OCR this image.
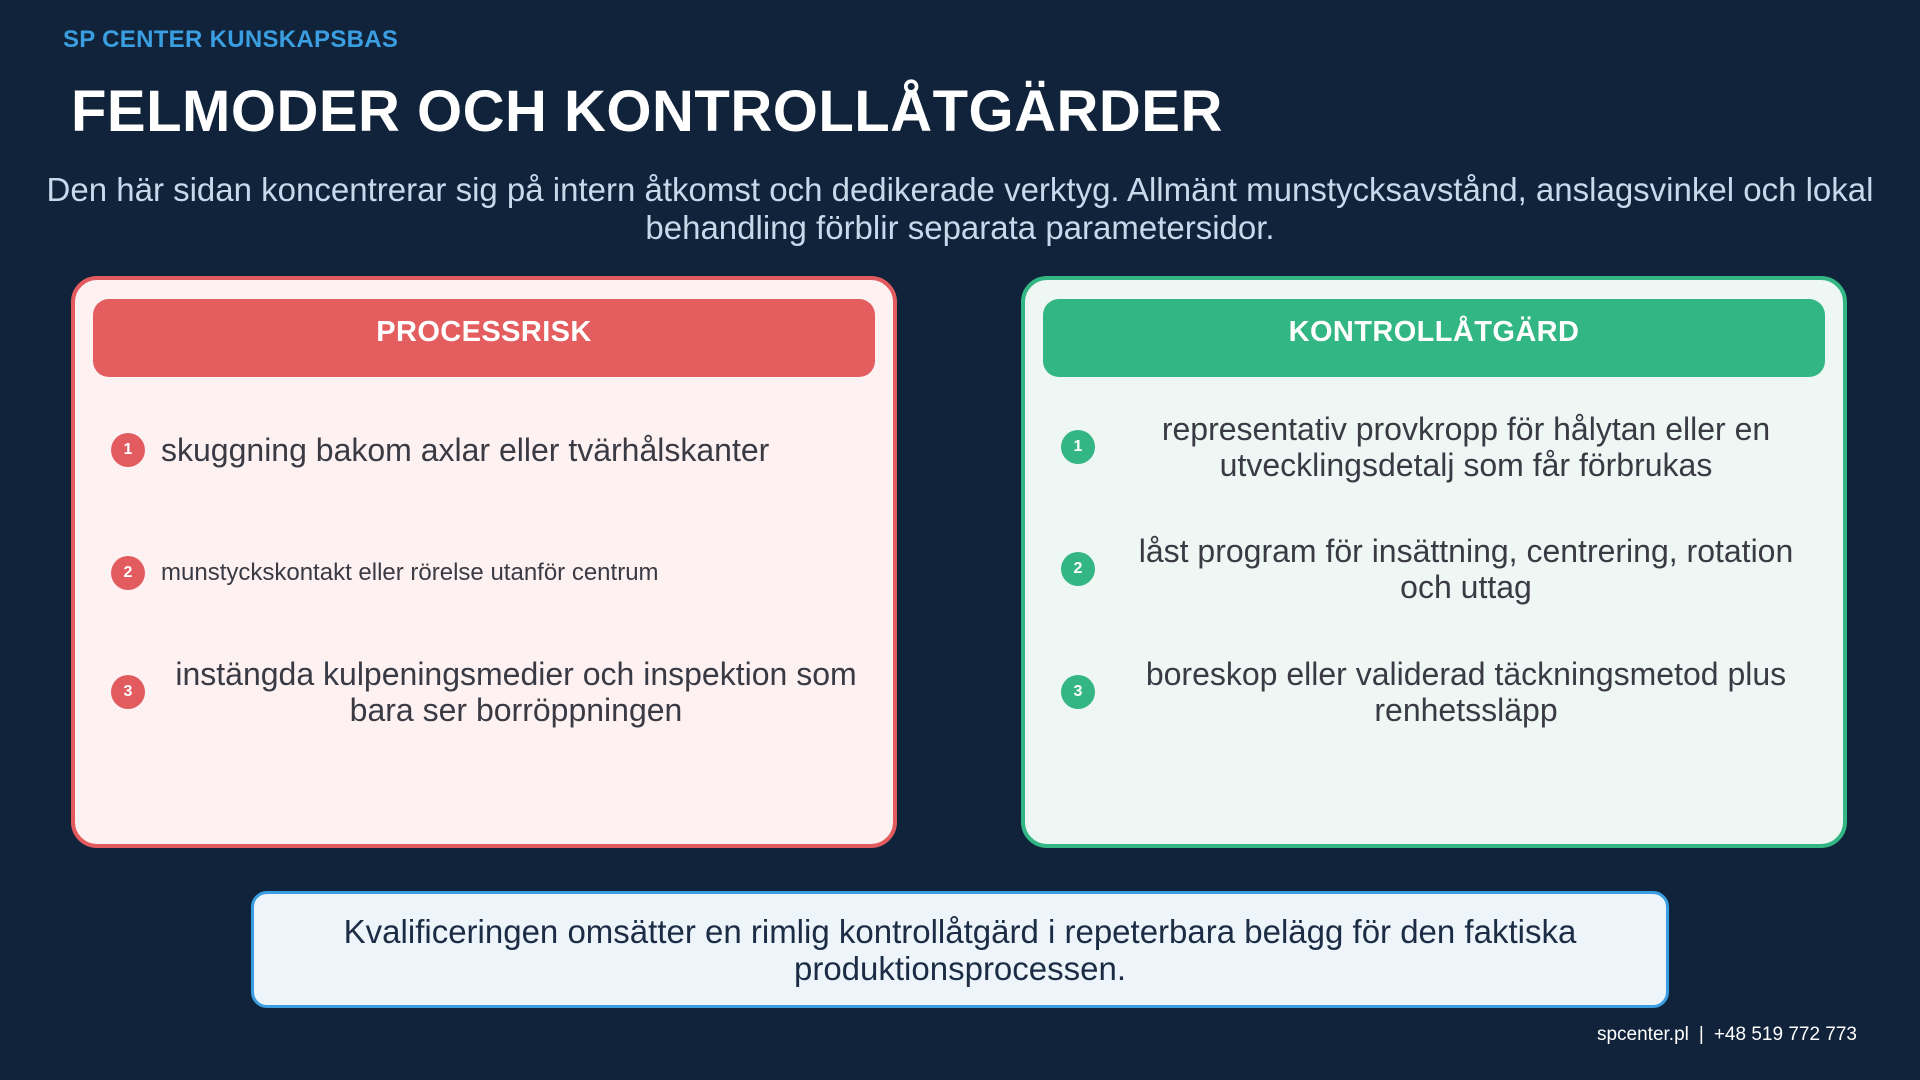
SP CENTER KUNSKAPSBAS
FELMODER OCH KONTROLLÅTGÄRDER
Den här sidan koncentrerar sig på intern åtkomst och dedikerade verktyg. Allmänt munstycksavstånd, anslagsvinkel och lokal behandling förblir separata parametersidor.
PROCESSRISK
1 skuggning bakom axlar eller tvärhålskanter
2	munstyckskontakt eller rörelse utanför centrum
3	instängda kulpeningsmedier och inspektion som bara ser borröppningen
KONTROLLÅTGÄRD
1	representativ provkropp för hålytan eller en utvecklingsdetalj som får förbrukas
2	låst program för insättning, centrering, rotation och uttag
3	boreskop eller validerad täckningsmetod plus renhetssläpp
Kvalificeringen omsätter en rimlig kontrollåtgärd i repeterbara belägg för den faktiska produktionsprocessen.
spcenter.pl | +48 519 772 773
